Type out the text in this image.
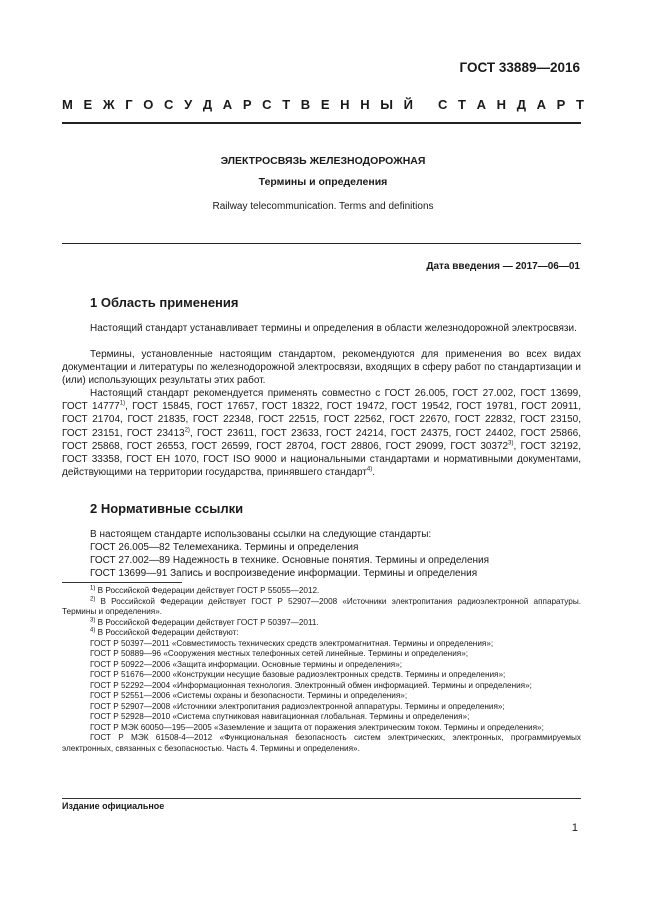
ГОСТ 33889—2016
М Е Ж Г О С У Д А Р С Т В Е Н Н Ы Й
С Т А Н Д А Р Т
ЭЛЕКТРОСВЯЗЬ ЖЕЛЕЗНОДОРОЖНАЯ
Термины и определения
Railway telecommunication. Terms and definitions
Дата введения — 2017—06—01
1 Область применения
Настоящий стандарт устанавливает термины и определения в области железнодорожной электросвязи.
Термины, установленные настоящим стандартом, рекомендуются для применения во всех видах документации и литературы по железнодорожной электросвязи, входящих в сферу работ по стандартизации и (или) использующих результаты этих работ.
Настоящий стандарт рекомендуется применять совместно с ГОСТ 26.005, ГОСТ 27.002, ГОСТ 13699, ГОСТ 14777$^{1)}$, ГОСТ 15845, ГОСТ 17657, ГОСТ 18322, ГОСТ 19472, ГОСТ 19542, ГОСТ 19781, ГОСТ 20911, ГОСТ 21704, ГОСТ 21835, ГОСТ 22348, ГОСТ 22515, ГОСТ 22562, ГОСТ 22670, ГОСТ 22832, ГОСТ 23150, ГОСТ 23151, ГОСТ 23413$^{2)}$, ГОСТ 23611, ГОСТ 23633, ГОСТ 24214, ГОСТ 24375, ГОСТ 24402, ГОСТ 25866, ГОСТ 25868, ГОСТ 26553, ГОСТ 26599, ГОСТ 28704, ГОСТ 28806, ГОСТ 29099, ГОСТ 30372$^{3)}$, ГОСТ 32192, ГОСТ 33358, ГОСТ EH 1070, ГОСТ ISO 9000 и национальными стандартами и нормативными документами, действующими на территории государства, принявшего стандарт$^{4)}$.
2 Нормативные ссылки
В настоящем стандарте использованы ссылки на следующие стандарты:
ГОСТ 26.005—82 Телемеханика. Термины и определения
ГОСТ 27.002—89 Надежность в технике. Основные понятия. Термины и определения
ГОСТ 13699—91 Запись и воспроизведение информации. Термины и определения
$^{1)}$ В Российской Федерации действует ГОСТ Р 55055—2012.
$^{2)}$ В Российской Федерации действует ГОСТ Р 52907—2008 «Источники электропитания радиоэлектронной аппаратуры. Термины и определения».
$^{3)}$ В Российской Федерации действует ГОСТ Р 50397—2011.
$^{4)}$ В Российской Федерации действуют:
ГОСТ Р 50397—2011 «Совместимость технических средств электромагнитная. Термины и определения»;
ГОСТ Р 50889—96 «Сооружения местных телефонных сетей линейные. Термины и определения»;
ГОСТ Р 50922—2006 «Защита информации. Основные термины и определения»;
ГОСТ Р 51676—2000 «Конструкции несущие базовые радиоэлектронных средств. Термины и определения»;
ГОСТ Р 52292—2004 «Информационная технология. Электронный обмен информацией. Термины и определения»;
ГОСТ Р 52551—2006 «Системы охраны и безопасности. Термины и определения»;
ГОСТ Р 52907—2008 «Источники электропитания радиоэлектронной аппаратуры. Термины и определения»;
ГОСТ Р 52928—2010 «Система спутниковая навигационная глобальная. Термины и определения»;
ГОСТ Р МЭК 60050—195—2005 «Заземление и защита от поражения электрическим током. Термины и определения»;
ГОСТ Р МЭК 61508-4—2012 «Функциональная безопасность систем электрических, электронных, программируемых электронных, связанных с безопасностью. Часть 4. Термины и определения».
Издание официальное
1
